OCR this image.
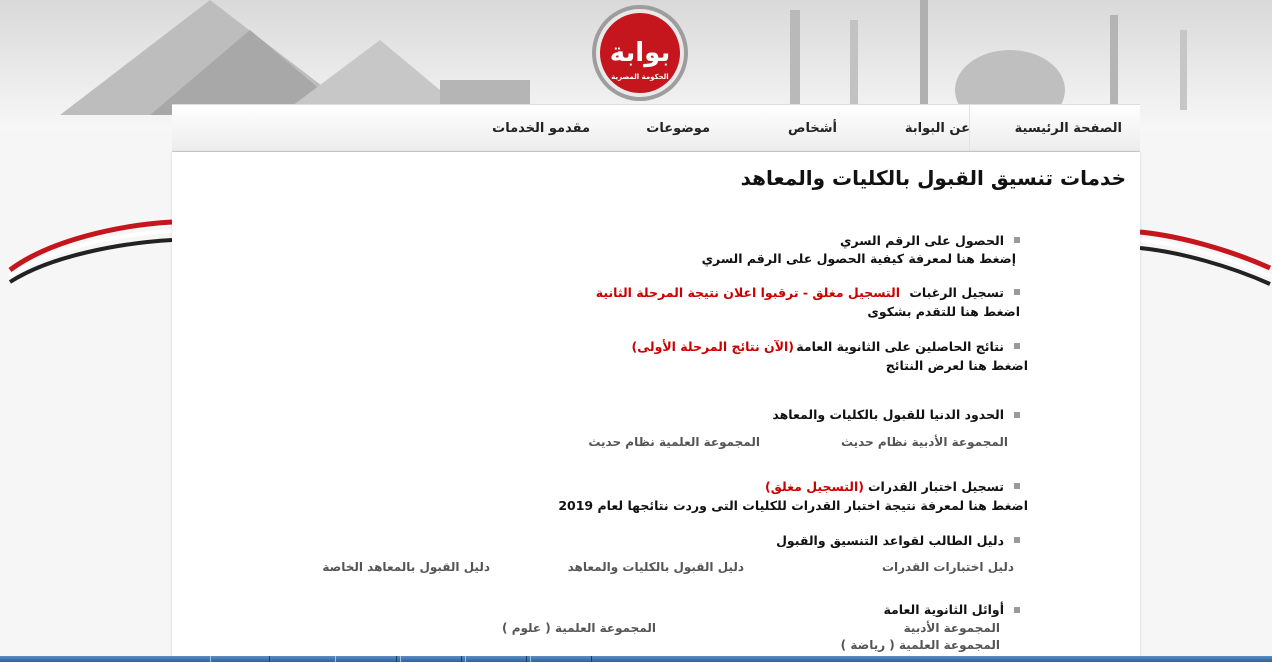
بوابة
الحكومة المصرية
الصفحة الرئيسية
عن البوابة
أشخاص
موضوعات
مقدمو الخدمات
خدمات تنسيق القبول بالكليات والمعاهد
الحصول على الرقم السري
إضغط هنا لمعرفة كيفية الحصول على الرقم السري
تسجيل الرغبات
التسجيل مغلق - ترقبوا اعلان نتيجة المرحلة الثانية
اضغط هنا للتقدم بشكوى
نتائج الحاصلين على الثانوية العامة
(الآن نتائج المرحلة الأولى)
اضغط هنا لعرض النتائج
الحدود الدنيا للقبول بالكليات والمعاهد
المجموعة الأدبية نظام حديث
المجموعة العلمية نظام حديث
تسجيل اختبار القدرات
(التسجيل مغلق)
اضغط هنا لمعرفة نتيجة اختبار القدرات للكليات التى وردت نتائجها لعام 2019
دليل الطالب لقواعد التنسيق والقبول
دليل اختبارات القدرات
دليل القبول بالكليات والمعاهد
دليل القبول بالمعاهد الخاصة
أوائل الثانوية العامة
المجموعة الأدبية
المجموعة العلمية ( رياضة )
المجموعة العلمية ( علوم )
